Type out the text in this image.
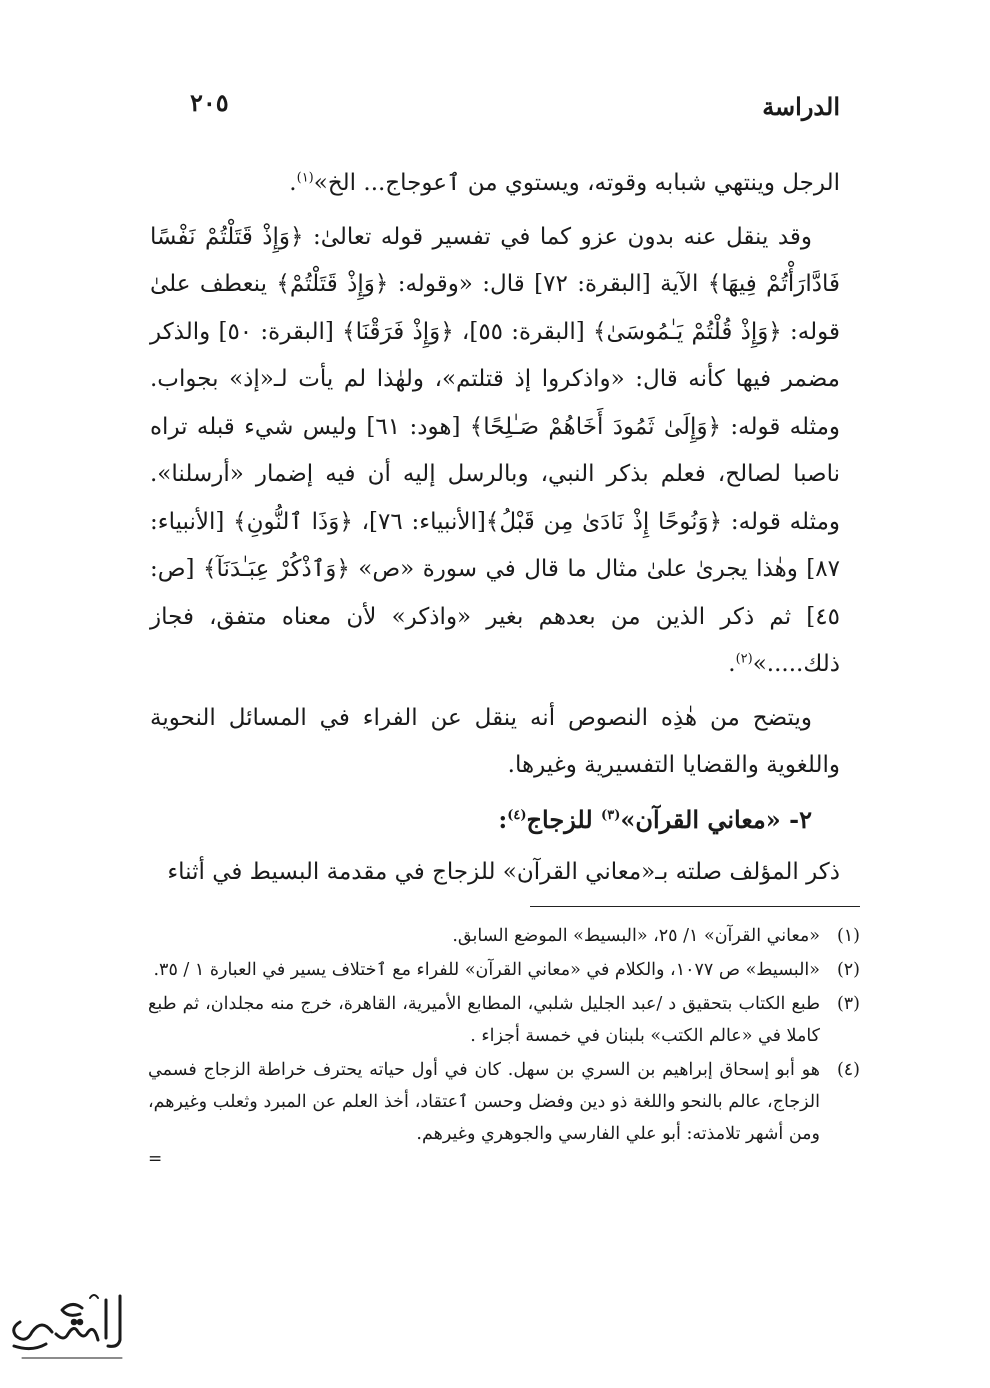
الدراسة
٢٠٥

الرجل وينتهي شبابه وقوته، ويستوي من ٱعوجاج... الخ»$^{(١)}$.

وقد ينقل عنه بدون عزو كما في تفسير قوله تعالىٰ: ﴿وَإِذْ قَتَلْتُمْ نَفْسًا فَادَّارَأْتُمْ فِيهَا﴾ الآية [البقرة: ٧٢] قال: «وقوله: ﴿وَإِذْ قَتَلْتُمْ﴾ ينعطف علىٰ قوله: ﴿وَإِذْ قُلْتُمْ يَـٰمُوسَىٰ﴾ [البقرة: ٥٥]، ﴿وَإِذْ فَرَقْنَا﴾ [البقرة: ٥٠] والذكر مضمر فيها كأنه قال: «واذكروا إذ قتلتم»، ولهٰذا لم يأت لـ«إذ» بجواب. ومثله قوله: ﴿وَإِلَىٰ ثَمُودَ أَخَاهُمْ صَـٰلِحًا﴾ [هود: ٦١] وليس شيء قبله تراه ناصبا لصالح، فعلم بذكر النبي، وبالرسل إليه أن فيه إضمار «أرسلنا». ومثله قوله: ﴿وَنُوحًا إِذْ نَادَىٰ مِن قَبْلُ﴾[الأنبياء: ٧٦]، ﴿وَذَا ٱلنُّونِ﴾ [الأنبياء: ٨٧] وهٰذا يجرىٰ علىٰ مثال ما قال في سورة «ص» ﴿وَٱذْكُرْ عِبَـٰدَنَآ﴾ [ص: ٤٥] ثم ذكر الذين من بعدهم بغير «واذكر» لأن معناه متفق، فجاز ذلك.....»$^{(٢)}$.

ويتضح من هٰذِه النصوص أنه ينقل عن الفراء في المسائل النحوية واللغوية والقضايا التفسيرية وغيرها.

٢- «معاني القرآن»$^{(٣)}$ للزجاج$^{(٤)}$:

ذكر المؤلف صلته بـ«معاني القرآن» للزجاج في مقدمة البسيط في أثناء

(١)
«معاني القرآن» ١/ ٢٥، «البسيط» الموضع السابق.
(٢)
«البسيط» ص ١٠٧٧، والكلام في «معاني القرآن» للفراء مع ٱختلاف يسير في العبارة ١ / ٣٥.
(٣)
طبع الكتاب بتحقيق د /عبد الجليل شلبي، المطابع الأميرية، القاهرة، خرج منه مجلدان، ثم طبع كاملا في «عالم الكتب» بلبنان في خمسة أجزاء .
(٤)
هو أبو إسحاق إبراهيم بن السري بن سهل. كان في أول حياته يحترف خراطة الزجاج فسمي الزجاج، عالم بالنحو واللغة ذو دين وفضل وحسن ٱعتقاد، أخذ العلم عن المبرد وثعلب وغيرهم، ومن أشهر تلامذته: أبو علي الفارسي والجوهري وغيرهم.
=
